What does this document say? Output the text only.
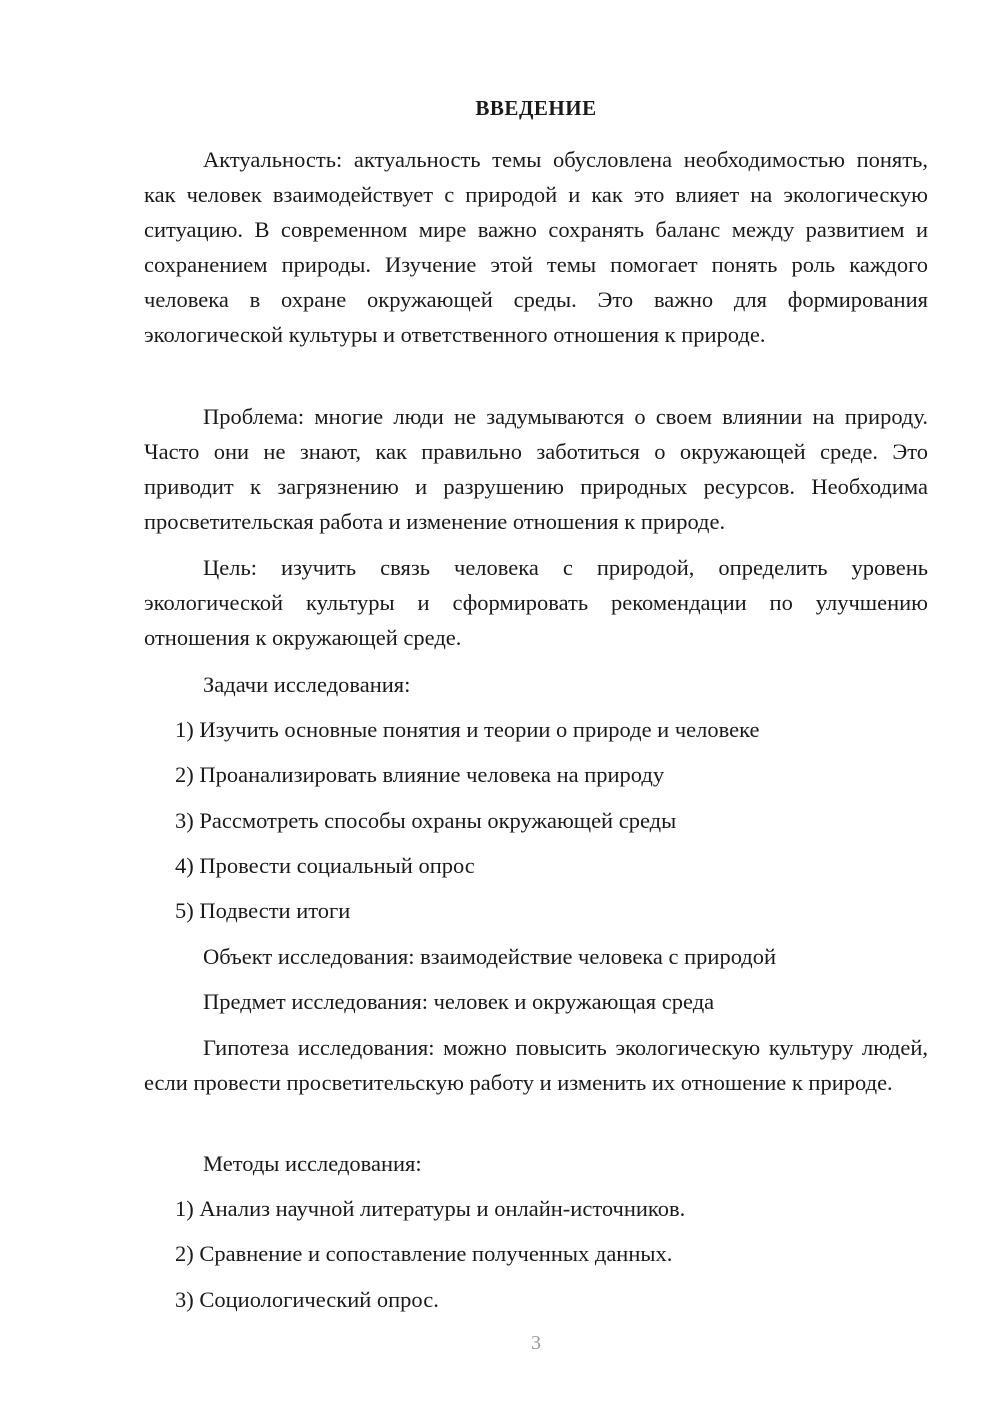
ВВЕДЕНИЕ

Актуальность: актуальность темы обусловлена необходимостью понять, как человек взаимодействует с природой и как это влияет на экологическую ситуацию. В современном мире важно сохранять баланс между развитием и сохранением природы. Изучение этой темы помогает понять роль каждого человека в охране окружающей среды. Это важно для формирования экологической культуры и ответственного отношения к природе.

Проблема: многие люди не задумываются о своем влиянии на природу. Часто они не знают, как правильно заботиться о окружающей среде. Это приводит к загрязнению и разрушению природных ресурсов. Необходима просветительская работа и изменение отношения к природе.

Цель: изучить связь человека с природой, определить уровень экологической культуры и сформировать рекомендации по улучшению отношения к окружающей среде.

Задачи исследования:

1) Изучить основные понятия и теории о природе и человеке

2) Проанализировать влияние человека на природу

3) Рассмотреть способы охраны окружающей среды

4) Провести социальный опрос

5) Подвести итоги

Объект исследования: взаимодействие человека с природой

Предмет исследования: человек и окружающая среда

Гипотеза исследования: можно повысить экологическую культуру людей, если провести просветительскую работу и изменить их отношение к природе.

Методы исследования:

1) Анализ научной литературы и онлайн-источников.

2) Сравнение и сопоставление полученных данных.

3) Социологический опрос.

3
